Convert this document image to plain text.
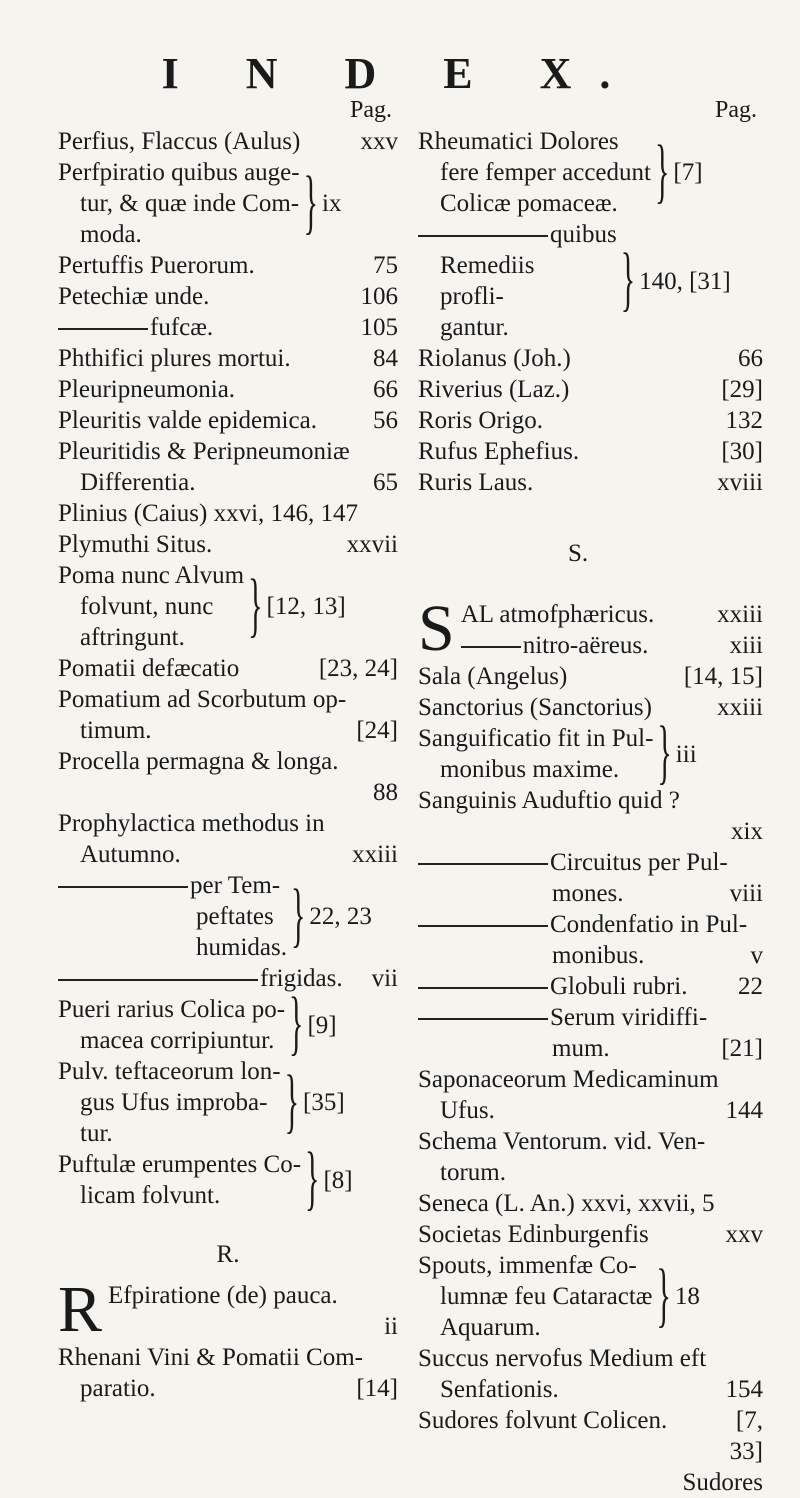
I N D E X.
Pag.
Perfius, Flaccus (Aulus)	xxv
Perfpiratio quibus auge-
tur, & quæ inde Com-
moda.	} ix
Pertuffis Puerorum.	75
Petechiæ unde.	106
fufcæ.	105
Phthifici plures mortui.	84
Pleuripneumonia.	66
Pleuritis valde epidemica.	56
Pleuritidis & Peripneumoniæ
Differentia.	65
Plinius (Caius) xxvi, 146, 147
Plymuthi Situs.	xxvii
Poma nunc Alvum
folvunt, nunc
aftringunt.	} [12, 13]
Pomatii defæcatio	[23, 24]
Pomatium ad Scorbutum op-
timum.	[24]
Procella permagna & longa.
88
Prophylactica methodus in
Autumno.	xxiii
per Tem-
peftates
humidas. } 22, 23
frigidas.	vii
Pueri rarius Colica po-
macea corripiuntur. } [9]
Pulv. teftaceorum lon-
gus Ufus improba-
tur.	} [35]
Puftulæ erumpentes Co-
licam folvunt.	} [8]
R.
R Efpiratione (de) pauca.
ii
Rhenani Vini & Pomatii Com-
paratio.	[14]
Pag.
Rheumatici Dolores
fere femper accedunt
Colicæ pomaceæ.	} [7]
quibus
Remediis
profli-
gantur.
} 140, [31]
Riolanus (Joh.)	66
Riverius (Laz.)	[29]
Roris Origo.	132
Rufus Ephefius.	[30]
Ruris Laus.	xviii
S.
S AL atmofphæricus.	xxiii
nitro-aëreus.	xiii
Sala (Angelus)	[14, 15]
Sanctorius (Sanctorius)	xxiii
Sanguificatio fit in Pul-
monibus maxime.	} iii
Sanguinis Auduftio quid ?
xix
Circuitus per Pul-
mones.	viii
Condenfatio in Pul-
monibus.	v
Globuli rubri.	22
Serum viridiffi-
mum.	[21]
Saponaceorum Medicaminum
Ufus.	144
Schema Ventorum. vid. Ven-
torum.
Seneca (L. An.) xxvi, xxvii, 5
Societas Edinburgenfis	xxv
Spouts, immenfæ Co-
lumnæ feu Cataractæ
Aquarum.	} 18
Succus nervofus Medium eft
Senfationis.	154
Sudores folvunt Colicen.	[7,
33]
Sudores
